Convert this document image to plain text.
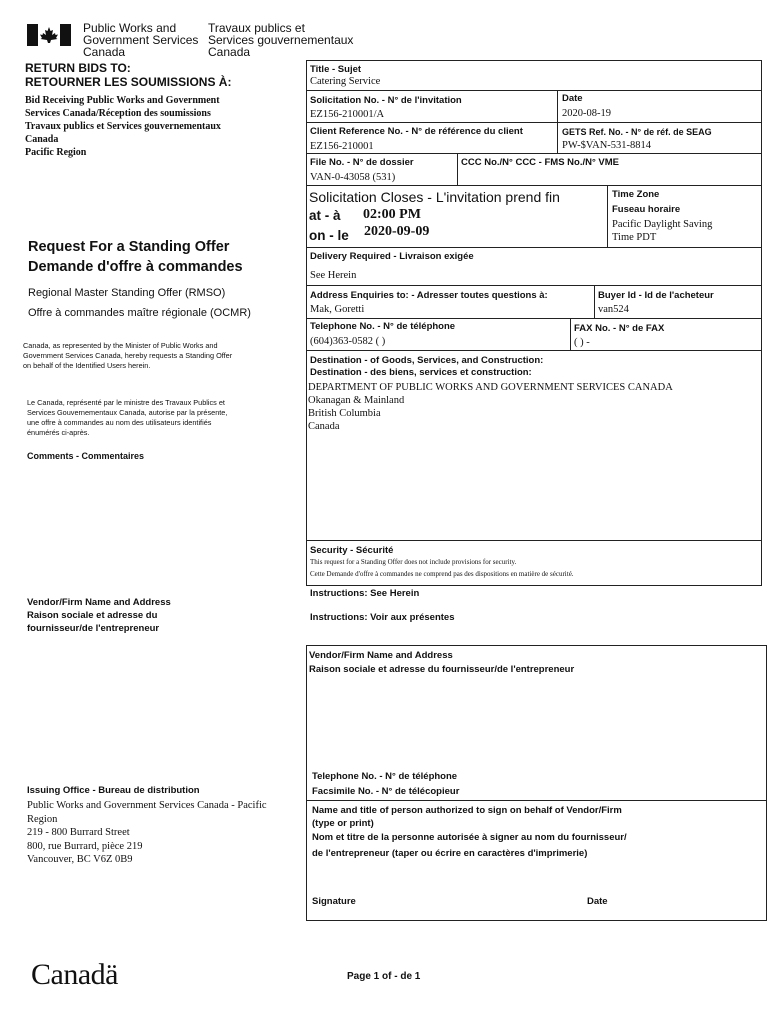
Public Works and
Government Services
Canada
Travaux publics et
Services gouvernementaux
Canada
RETURN BIDS TO:
RETOURNER LES SOUMISSIONS À:
Bid Receiving Public Works and Government
Services Canada/Réception des soumissions
Travaux publics et Services gouvernementaux
Canada
Pacific Region
Request For a Standing Offer
Demande d'offre à commandes
Regional Master Standing Offer (RMSO)
Offre à commandes maître régionale (OCMR)
Canada, as represented by the Minister of Public Works and
Government Services Canada, hereby requests a Standing Offer
on behalf of the Identified Users herein.
Le Canada, représenté par le ministre des Travaux Publics et
Services Gouvernementaux Canada, autorise par la présente,
une offre à commandes au nom des utilisateurs identifiés
énumérés ci-après.
Comments - Commentaires
Vendor/Firm Name and Address
Raison sociale et adresse du
fournisseur/de l'entrepreneur
Issuing Office - Bureau de distribution
Public Works and Government Services Canada - Pacific
Region
219 - 800 Burrard Street
800, rue Burrard, pièce 219
Vancouver, BC V6Z 0B9
Title - Sujet
Catering Service
Solicitation No. - N° de l'invitation
EZ156-210001/A
Date
2020-08-19
Client Reference No. - N° de référence du client
EZ156-210001
GETS Ref. No. - N° de réf. de SEAG
PW-$VAN-531-8814
File No. - N° de dossier
VAN-0-43058 (531)
CCC No./N° CCC - FMS No./N° VME
Solicitation Closes - L'invitation prend fin
at - à 02:00 PM
on - le 2020-09-09
Time Zone
Fuseau horaire
Pacific Daylight Saving
Time PDT
Delivery Required - Livraison exigée
See Herein
Address Enquiries to: - Adresser toutes questions à:
Mak, Goretti
Buyer Id - Id de l'acheteur
van524
Telephone No. - N° de téléphone
(604)363-0582 ( )
FAX No. - N° de FAX
( ) -
Destination - of Goods, Services, and Construction:
Destination - des biens, services et construction:
DEPARTMENT OF PUBLIC WORKS AND GOVERNMENT SERVICES CANADA
Okanagan & Mainland
British Columbia
Canada
Security - Sécurité
This request for a Standing Offer does not include provisions for security.
Cette Demande d'offre à commandes ne comprend pas des dispositions en matière de sécurité.
Instructions: See Herein
Instructions: Voir aux présentes
Vendor/Firm Name and Address
Raison sociale et adresse du fournisseur/de l'entrepreneur
Telephone No. - N° de téléphone
Facsimile No. - N° de télécopieur
Name and title of person authorized to sign on behalf of Vendor/Firm
(type or print)
Nom et titre de la personne autorisée à signer au nom du fournisseur/
de l'entrepreneur (taper ou écrire en caractères d'imprimerie)
Signature	Date
Canadä	Page 1 of - de 1
